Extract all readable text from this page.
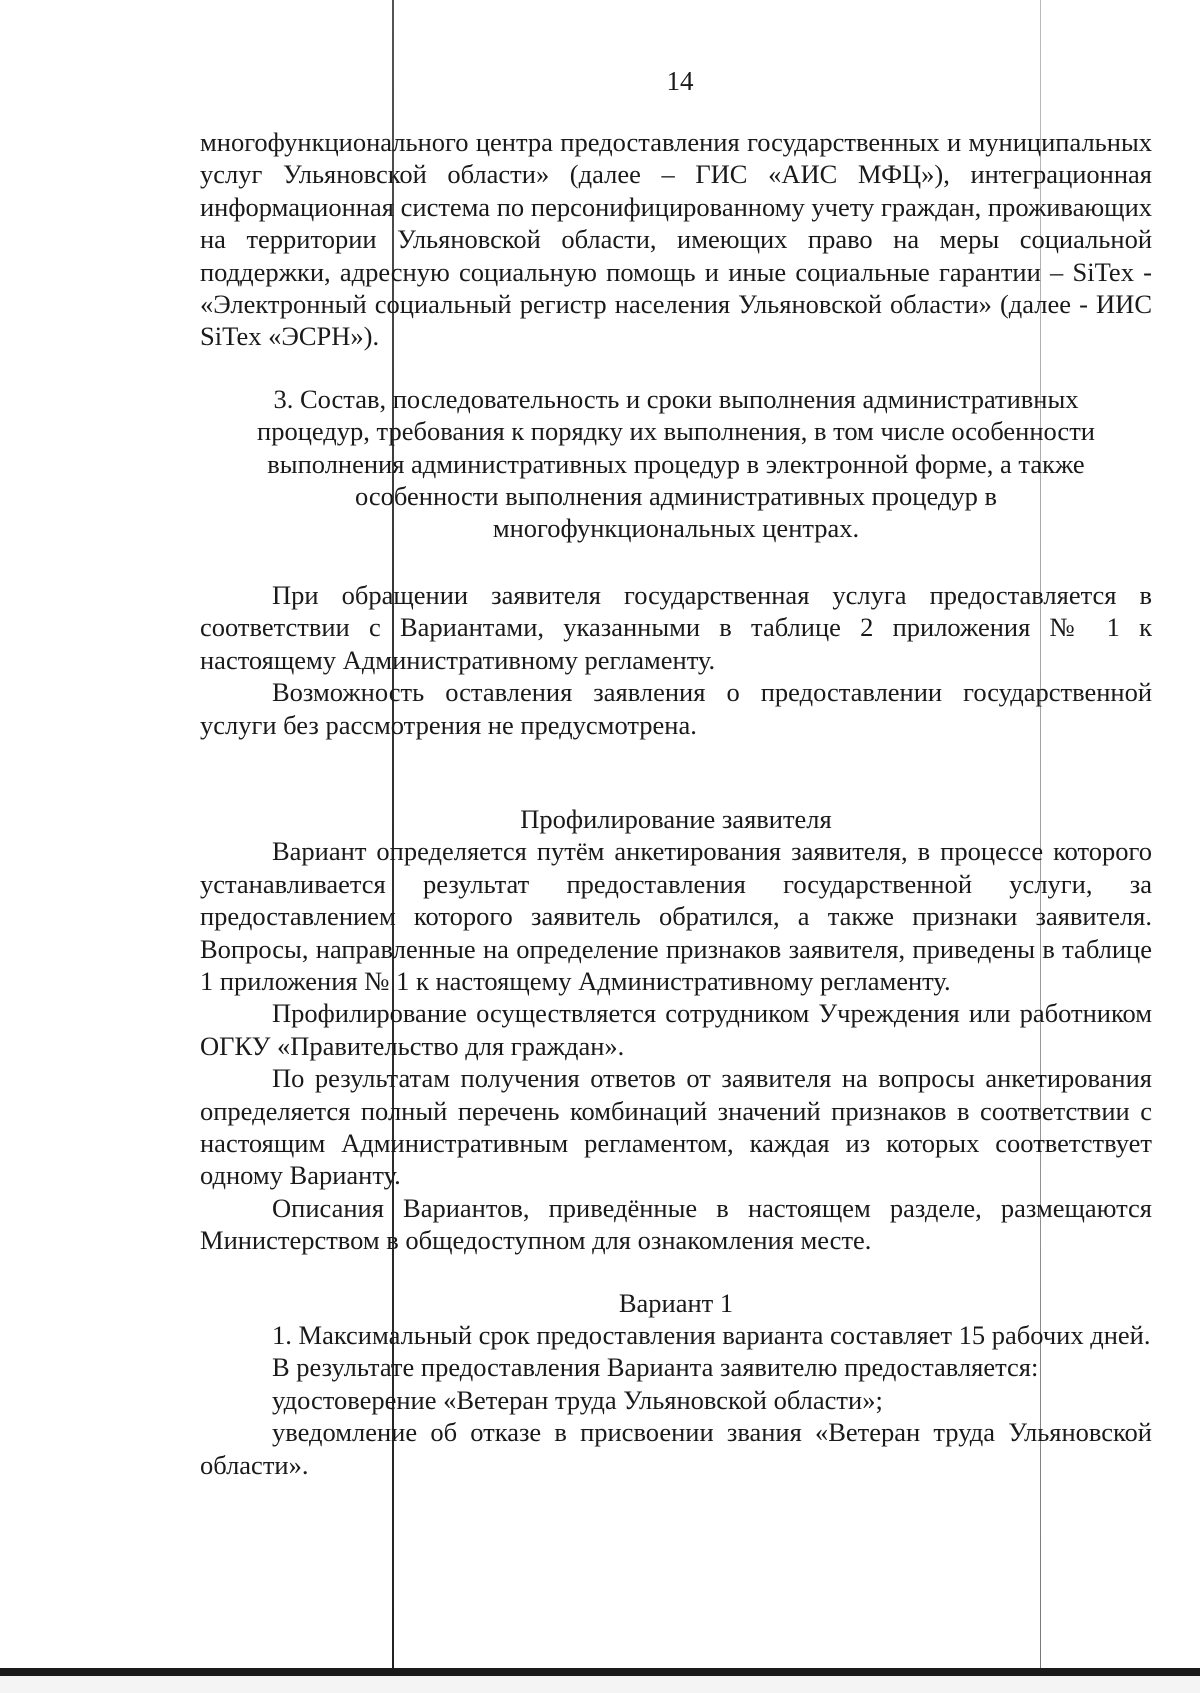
14

многофункционального центра предоставления государственных и муниципальных услуг Ульяновской области» (далее – ГИС «АИС МФЦ»), интеграционная информационная система по персонифицированному учету граждан, проживающих на территории Ульяновской области, имеющих право на меры социальной поддержки, адресную социальную помощь и иные социальные гарантии – SiTex - «Электронный социальный регистр населения Ульяновской области» (далее - ИИС SiTex «ЭСРН»).

3. Состав, последовательность и сроки выполнения административных

процедур, требования к порядку их выполнения, в том числе особенности

выполнения административных процедур в электронной форме, а также

особенности выполнения административных процедур в

многофункциональных центрах.

При обращении заявителя государственная услуга предоставляется в соответствии с Вариантами, указанными в таблице 2 приложения № 1 к настоящему Административному регламенту.

Возможность оставления заявления о предоставлении государственной услуги без рассмотрения не предусмотрена.

Профилирование заявителя

Вариант определяется путём анкетирования заявителя, в процессе которого устанавливается результат предоставления государственной услуги, за предоставлением которого заявитель обратился, а также признаки заявителя. Вопросы, направленные на определение признаков заявителя, приведены в таблице 1 приложения № 1 к настоящему Административному регламенту.

Профилирование осуществляется сотрудником Учреждения или работником ОГКУ «Правительство для граждан».

По результатам получения ответов от заявителя на вопросы анкетирования определяется полный перечень комбинаций значений признаков в соответствии с настоящим Административным регламентом, каждая из которых соответствует одному Варианту.

Описания Вариантов, приведённые в настоящем разделе, размещаются Министерством в общедоступном для ознакомления месте.

Вариант 1

1. Максимальный срок предоставления варианта составляет 15 рабочих дней.

В результате предоставления Варианта заявителю предоставляется:

удостоверение «Ветеран труда Ульяновской области»;

уведомление об отказе в присвоении звания «Ветеран труда Ульяновской области».
